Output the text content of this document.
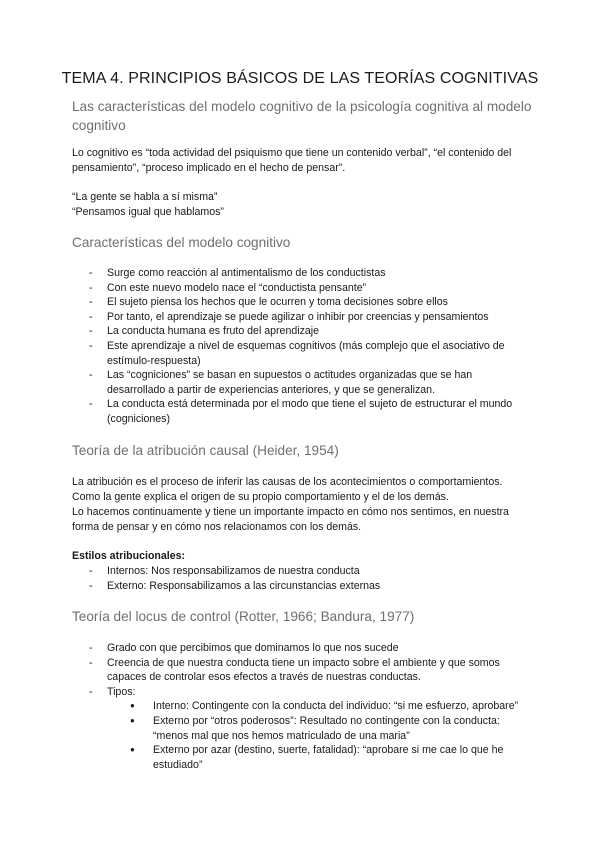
TEMA 4. PRINCIPIOS BÁSICOS DE LAS TEORÍAS COGNITIVAS
Las características del modelo cognitivo de la psicología cognitiva al modelo cognitivo
Lo cognitivo es “toda actividad del psiquismo que tiene un contenido verbal”, “el contenido del pensamiento”, “proceso implicado en el hecho de pensar”.
“La gente se habla a sí misma”
“Pensamos igual que hablamos”
Características del modelo cognitivo
- Surge como reacción al antimentalismo de los conductistas
- Con este nuevo modelo nace el “conductista pensante”
- El sujeto piensa los hechos que le ocurren y toma decisiones sobre ellos
- Por tanto, el aprendizaje se puede agilizar o inhibir por creencias y pensamientos
- La conducta humana es fruto del aprendizaje
- Este aprendizaje a nivel de esquemas cognitivos (más complejo que el asociativo de estímulo-respuesta)
- Las “cogniciones” se basan en supuestos o actitudes organizadas que se han desarrollado a partir de experiencias anteriores, y que se generalizan.
- La conducta está determinada por el modo que tiene el sujeto de estructurar el mundo (cogniciones)
Teoría de la atribución causal (Heider, 1954)
La atribución es el proceso de inferir las causas de los acontecimientos o comportamientos.
Como la gente explica el origen de su propio comportamiento y el de los demás.
Lo hacemos continuamente y tiene un importante impacto en cómo nos sentimos, en nuestra forma de pensar y en cómo nos relacionamos con los demás.
Estilos atribucionales:
- Internos: Nos responsabilizamos de nuestra conducta
- Externo: Responsabilizamos a las circunstancias externas
Teoría del locus de control (Rotter, 1966; Bandura, 1977)
- Grado con que percibimos que dominamos lo que nos sucede
- Creencia de que nuestra conducta tiene un impacto sobre el ambiente y que somos capaces de controlar esos efectos a través de nuestras conductas.
- Tipos:
● Interno: Contingente con la conducta del individuo: “si me esfuerzo, aprobare”
● Externo por “otros poderosos”: Resultado no contingente con la conducta: “menos mal que nos hemos matriculado de una maria”
● Externo por azar (destino, suerte, fatalidad): “aprobare si me cae lo que he estudiado”
